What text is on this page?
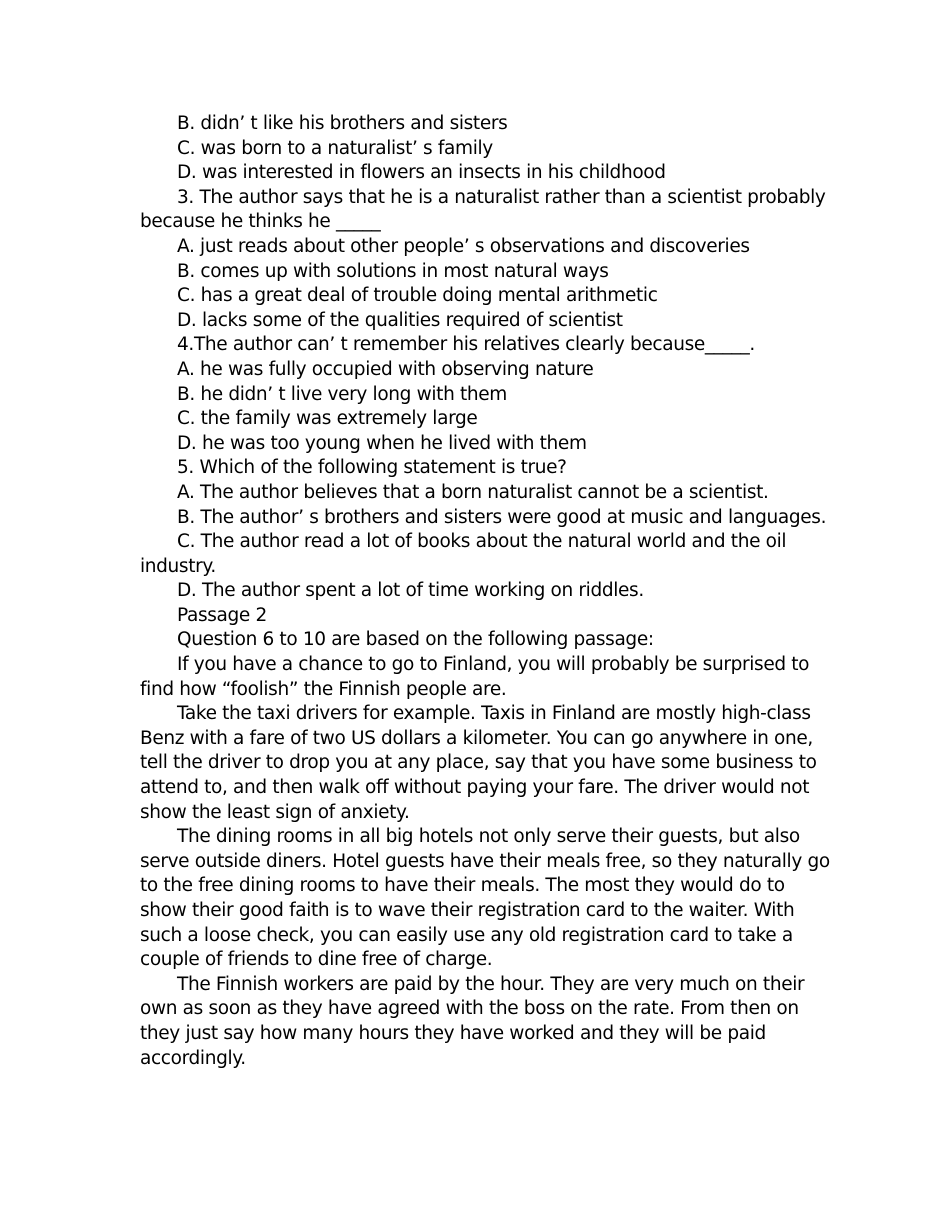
B. didn’ t like his brothers and sisters

C. was born to a naturalist’ s family

D. was interested in flowers an insects in his childhood

3. The author says that he is a naturalist rather than a scientist probably because he thinks he _____

A. just reads about other people’ s observations and discoveries

B. comes up with solutions in most natural ways

C. has a great deal of trouble doing mental arithmetic

D. lacks some of the qualities required of scientist

4.The author can’ t remember his relatives clearly because_____.

A. he was fully occupied with observing nature

B. he didn’ t live very long with them

C. the family was extremely large

D. he was too young when he lived with them

5. Which of the following statement is true?

A. The author believes that a born naturalist cannot be a scientist.

B. The author’ s brothers and sisters were good at music and languages.

C. The author read a lot of books about the natural world and the oil industry.

D. The author spent a lot of time working on riddles.

Passage 2

Question 6 to 10 are based on the following passage:

If you have a chance to go to Finland, you will probably be surprised to find how “foolish” the Finnish people are.

Take the taxi drivers for example. Taxis in Finland are mostly high-class Benz with a fare of two US dollars a kilometer. You can go anywhere in one, tell the driver to drop you at any place, say that you have some business to attend to, and then walk off without paying your fare. The driver would not show the least sign of anxiety.

The dining rooms in all big hotels not only serve their guests, but also serve outside diners. Hotel guests have their meals free, so they naturally go to the free dining rooms to have their meals. The most they would do to show their good faith is to wave their registration card to the waiter. With such a loose check, you can easily use any old registration card to take a couple of friends to dine free of charge.

The Finnish workers are paid by the hour. They are very much on their own as soon as they have agreed with the boss on the rate. From then on they just say how many hours they have worked and they will be paid accordingly.
